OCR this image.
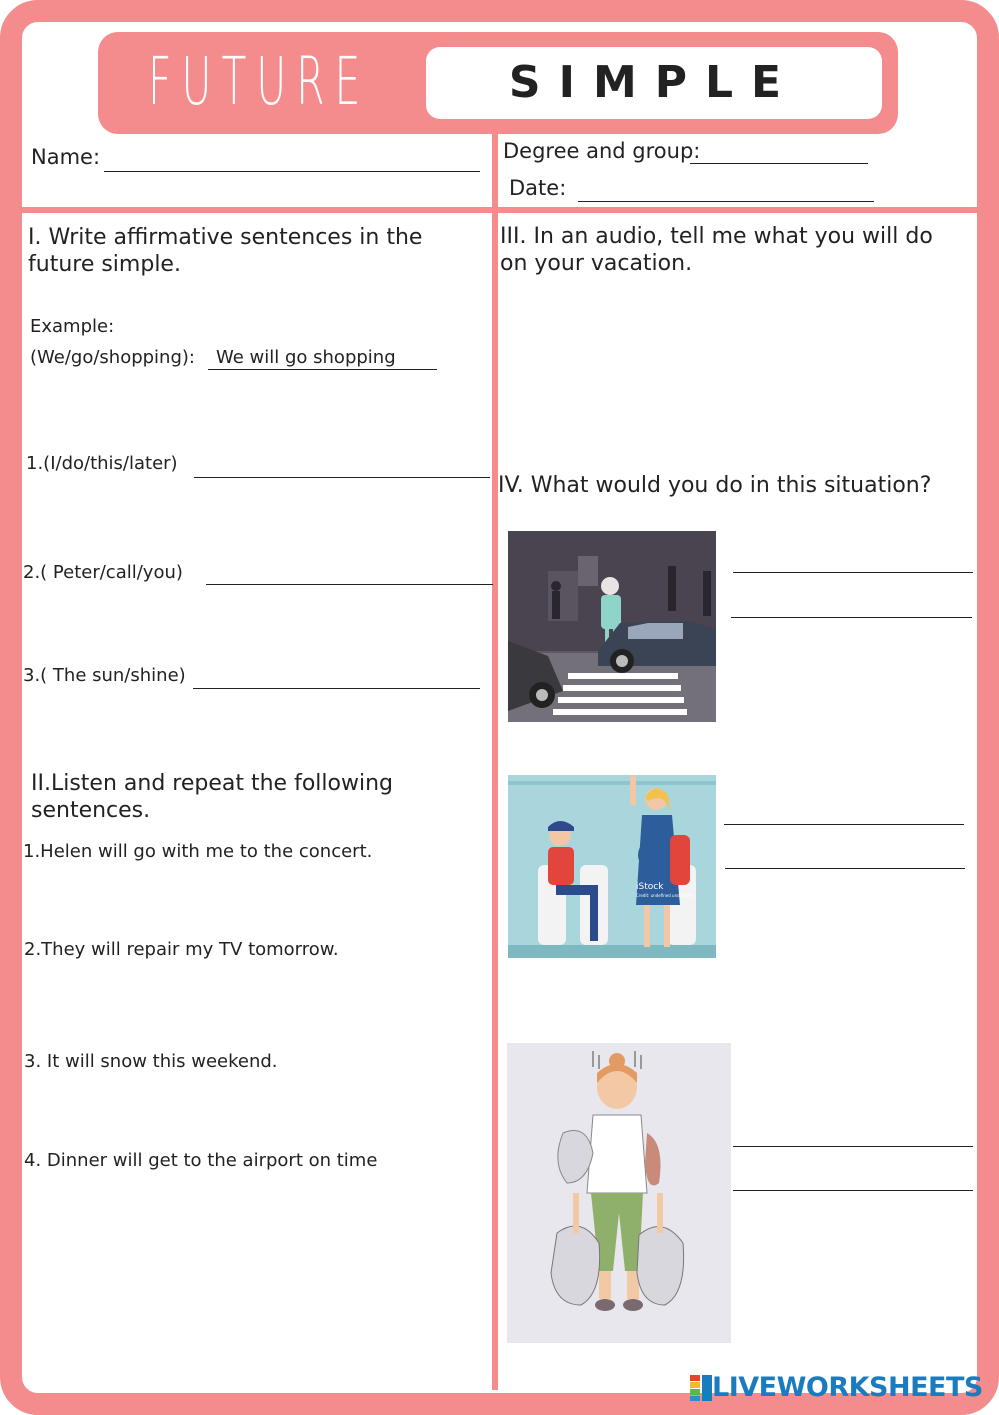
FUTURE	SIMPLE
Name:	Degree and group:
Date:
I. Write affirmative sentences in the future simple.
Example:
(We/go/shopping): We will go shopping
1.(I/do/this/later)
2.( Peter/call/you)
3.( The sun/shine)
II.Listen and repeat the following sentences.
1.Helen will go with me to the concert.
2.They will repair my TV tomorrow.
3. It will snow this weekend.
4. Dinner will get to the airport on time
III. In an audio, tell me what you will do on your vacation.
IV. What would you do in this situation?
iStock
Credit: undefined undefined
LIVEWORKSHEETS
